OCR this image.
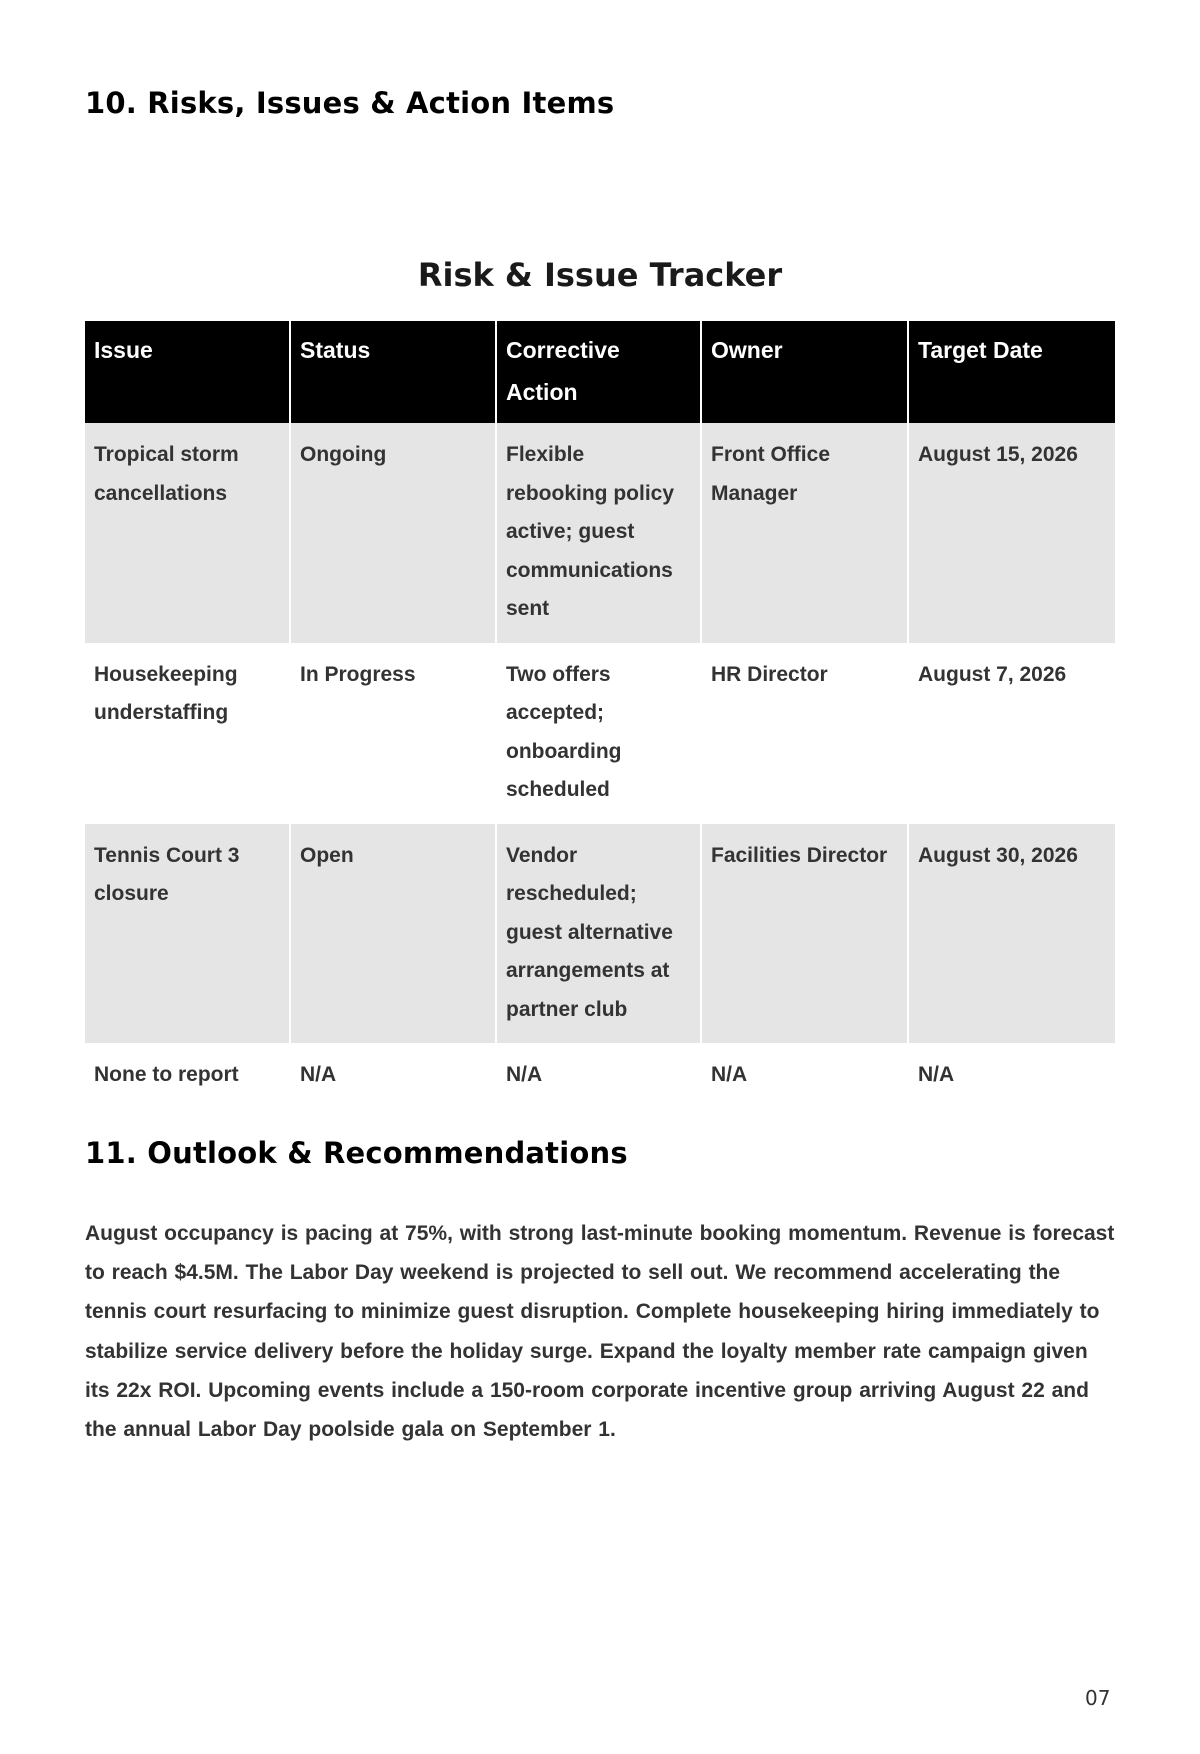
10. Risks, Issues & Action Items
Risk & Issue Tracker
Issue	Status	Corrective Action	Owner	Target Date
Tropical storm cancellations	Ongoing	Flexible rebooking policy active; guest communications sent	Front Office Manager	August 15, 2026
Housekeeping understaffing	In Progress	Two offers accepted; onboarding scheduled	HR Director	August 7, 2026
Tennis Court 3 closure	Open	Vendor rescheduled; guest alternative arrangements at partner club	Facilities Director	August 30, 2026
None to report	N/A	N/A	N/A	N/A
11. Outlook & Recommendations

August occupancy is pacing at 75%, with strong last-minute booking momentum. Revenue is forecast to reach $4.5M. The Labor Day weekend is projected to sell out. We recommend accelerating the tennis court resurfacing to minimize guest disruption. Complete housekeeping hiring immediately to stabilize service delivery before the holiday surge. Expand the loyalty member rate campaign given its 22x ROI. Upcoming events include a 150-room corporate incentive group arriving August 22 and the annual Labor Day poolside gala on September 1.

07
